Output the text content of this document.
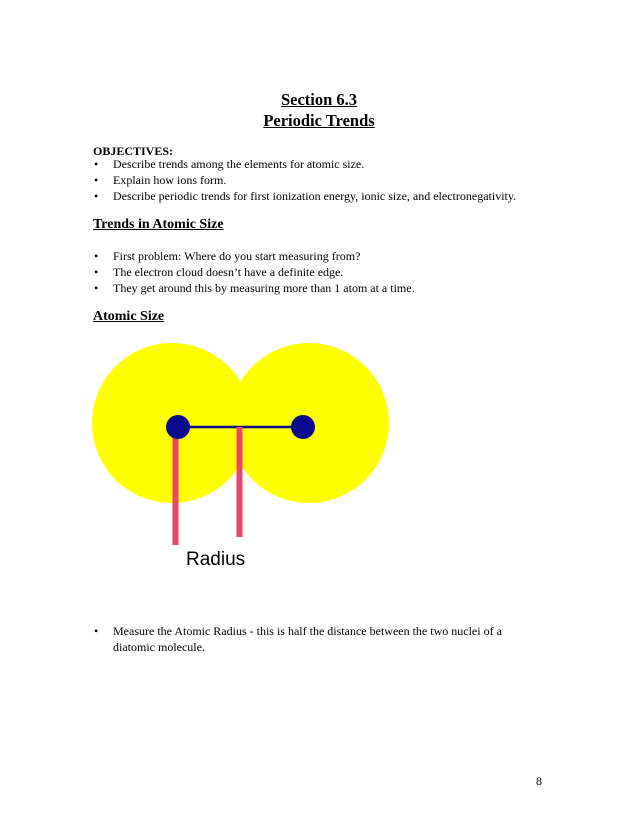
Section 6.3
Periodic Trends
OBJECTIVES:
• Describe trends among the elements for atomic size.
• Explain how ions form.
• Describe periodic trends for first ionization energy, ionic size, and electronegativity.
Trends in Atomic Size
• First problem: Where do you start measuring from?
• The electron cloud doesn’t have a definite edge.
• They get around this by measuring more than 1 atom at a time.
Atomic Size
Radius
• Measure the Atomic Radius - this is half the distance between the two nuclei of a diatomic molecule.
8
